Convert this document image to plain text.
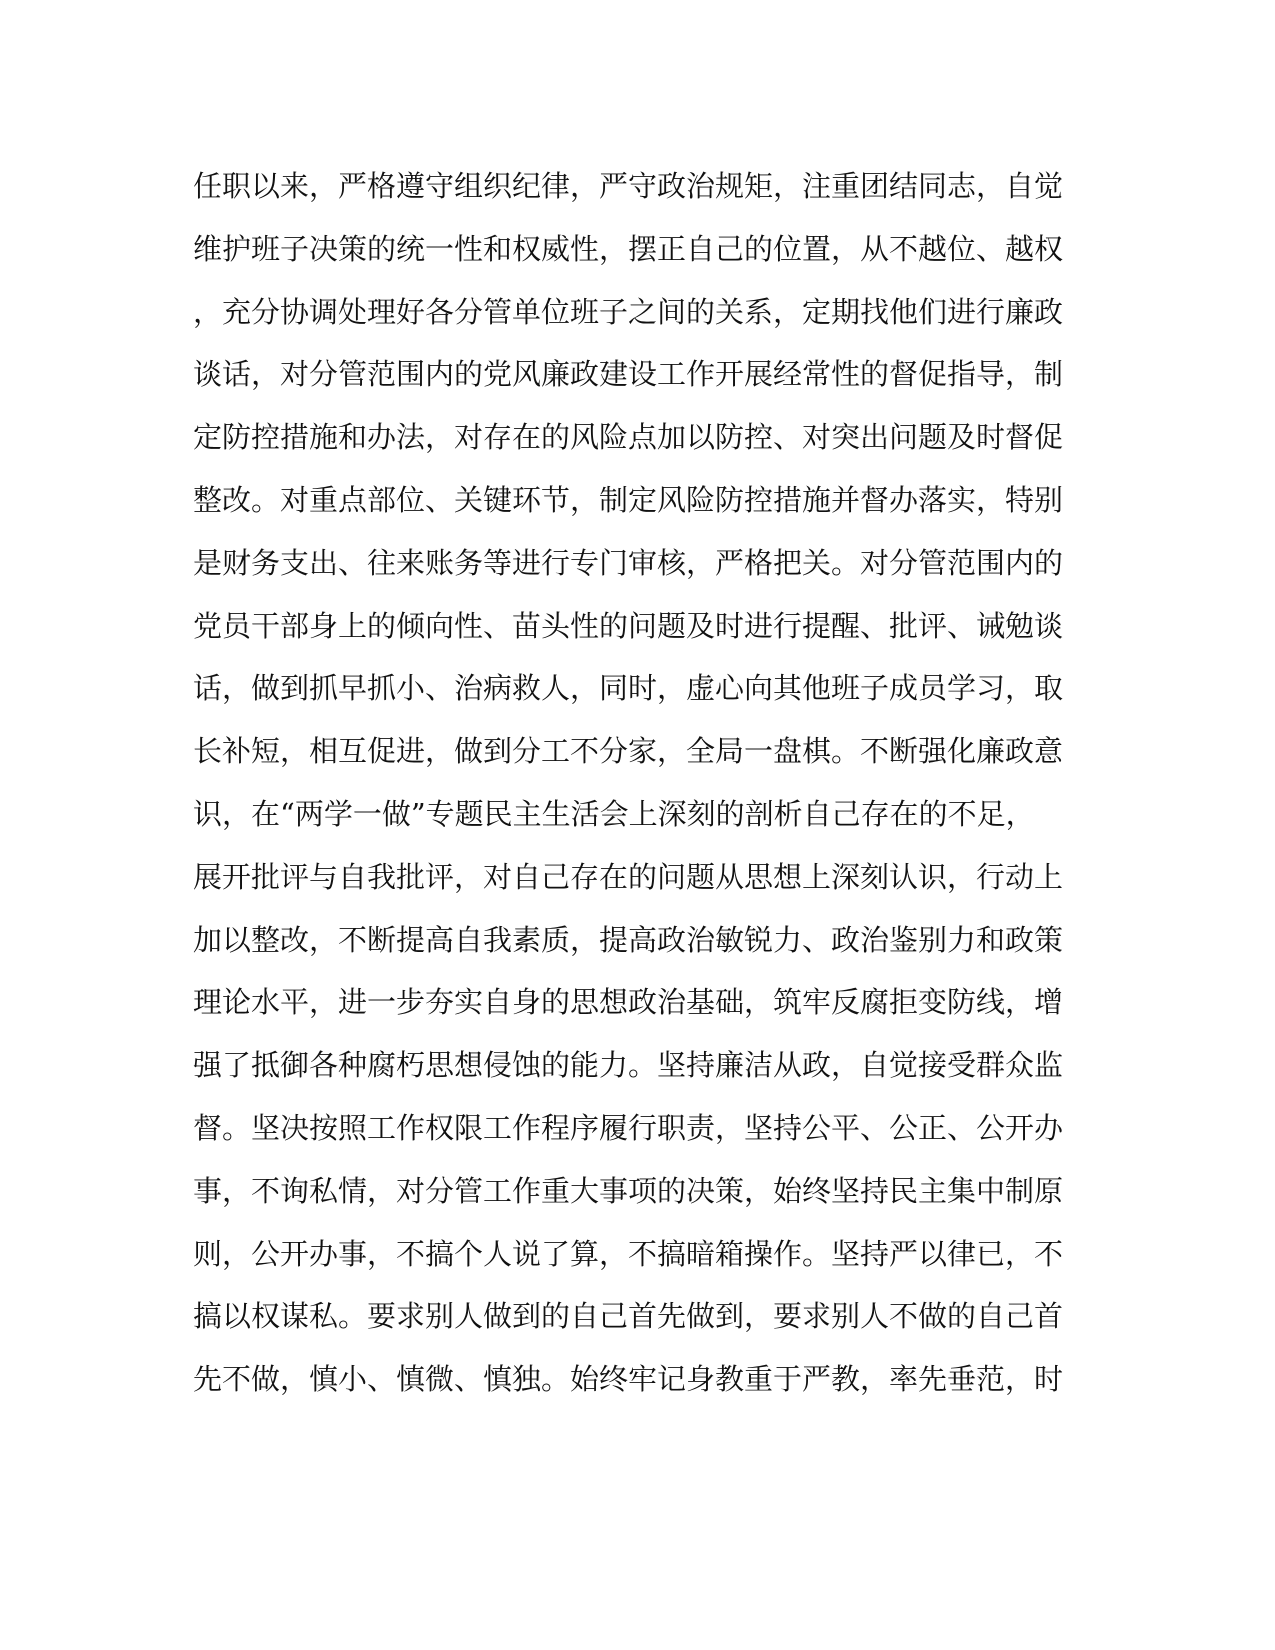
任职以来，严格遵守组织纪律，严守政治规矩，注重团结同志，自觉
维护班子决策的统一性和权威性，摆正自己的位置，从不越位、越权
，充分协调处理好各分管单位班子之间的关系，定期找他们进行廉政
谈话，对分管范围内的党风廉政建设工作开展经常性的督促指导，制
定防控措施和办法，对存在的风险点加以防控、对突出问题及时督促
整改。对重点部位、关键环节，制定风险防控措施并督办落实，特别
是财务支出、往来账务等进行专门审核，严格把关。对分管范围内的
党员干部身上的倾向性、苗头性的问题及时进行提醒、批评、诫勉谈
话，做到抓早抓小、治病救人，同时，虚心向其他班子成员学习，取
长补短，相互促进，做到分工不分家，全局一盘棋。不断强化廉政意
识，在“两学一做”专题民主生活会上深刻的剖析自己存在的不足，
展开批评与自我批评，对自己存在的问题从思想上深刻认识，行动上
加以整改，不断提高自我素质，提高政治敏锐力、政治鉴别力和政策
理论水平，进一步夯实自身的思想政治基础，筑牢反腐拒变防线，增
强了抵御各种腐朽思想侵蚀的能力。坚持廉洁从政，自觉接受群众监
督。坚决按照工作权限工作程序履行职责，坚持公平、公正、公开办
事，不询私情，对分管工作重大事项的决策，始终坚持民主集中制原
则，公开办事，不搞个人说了算，不搞暗箱操作。坚持严以律已，不
搞以权谋私。要求别人做到的自己首先做到，要求别人不做的自己首
先不做，慎小、慎微、慎独。始终牢记身教重于严教，率先垂范，时
